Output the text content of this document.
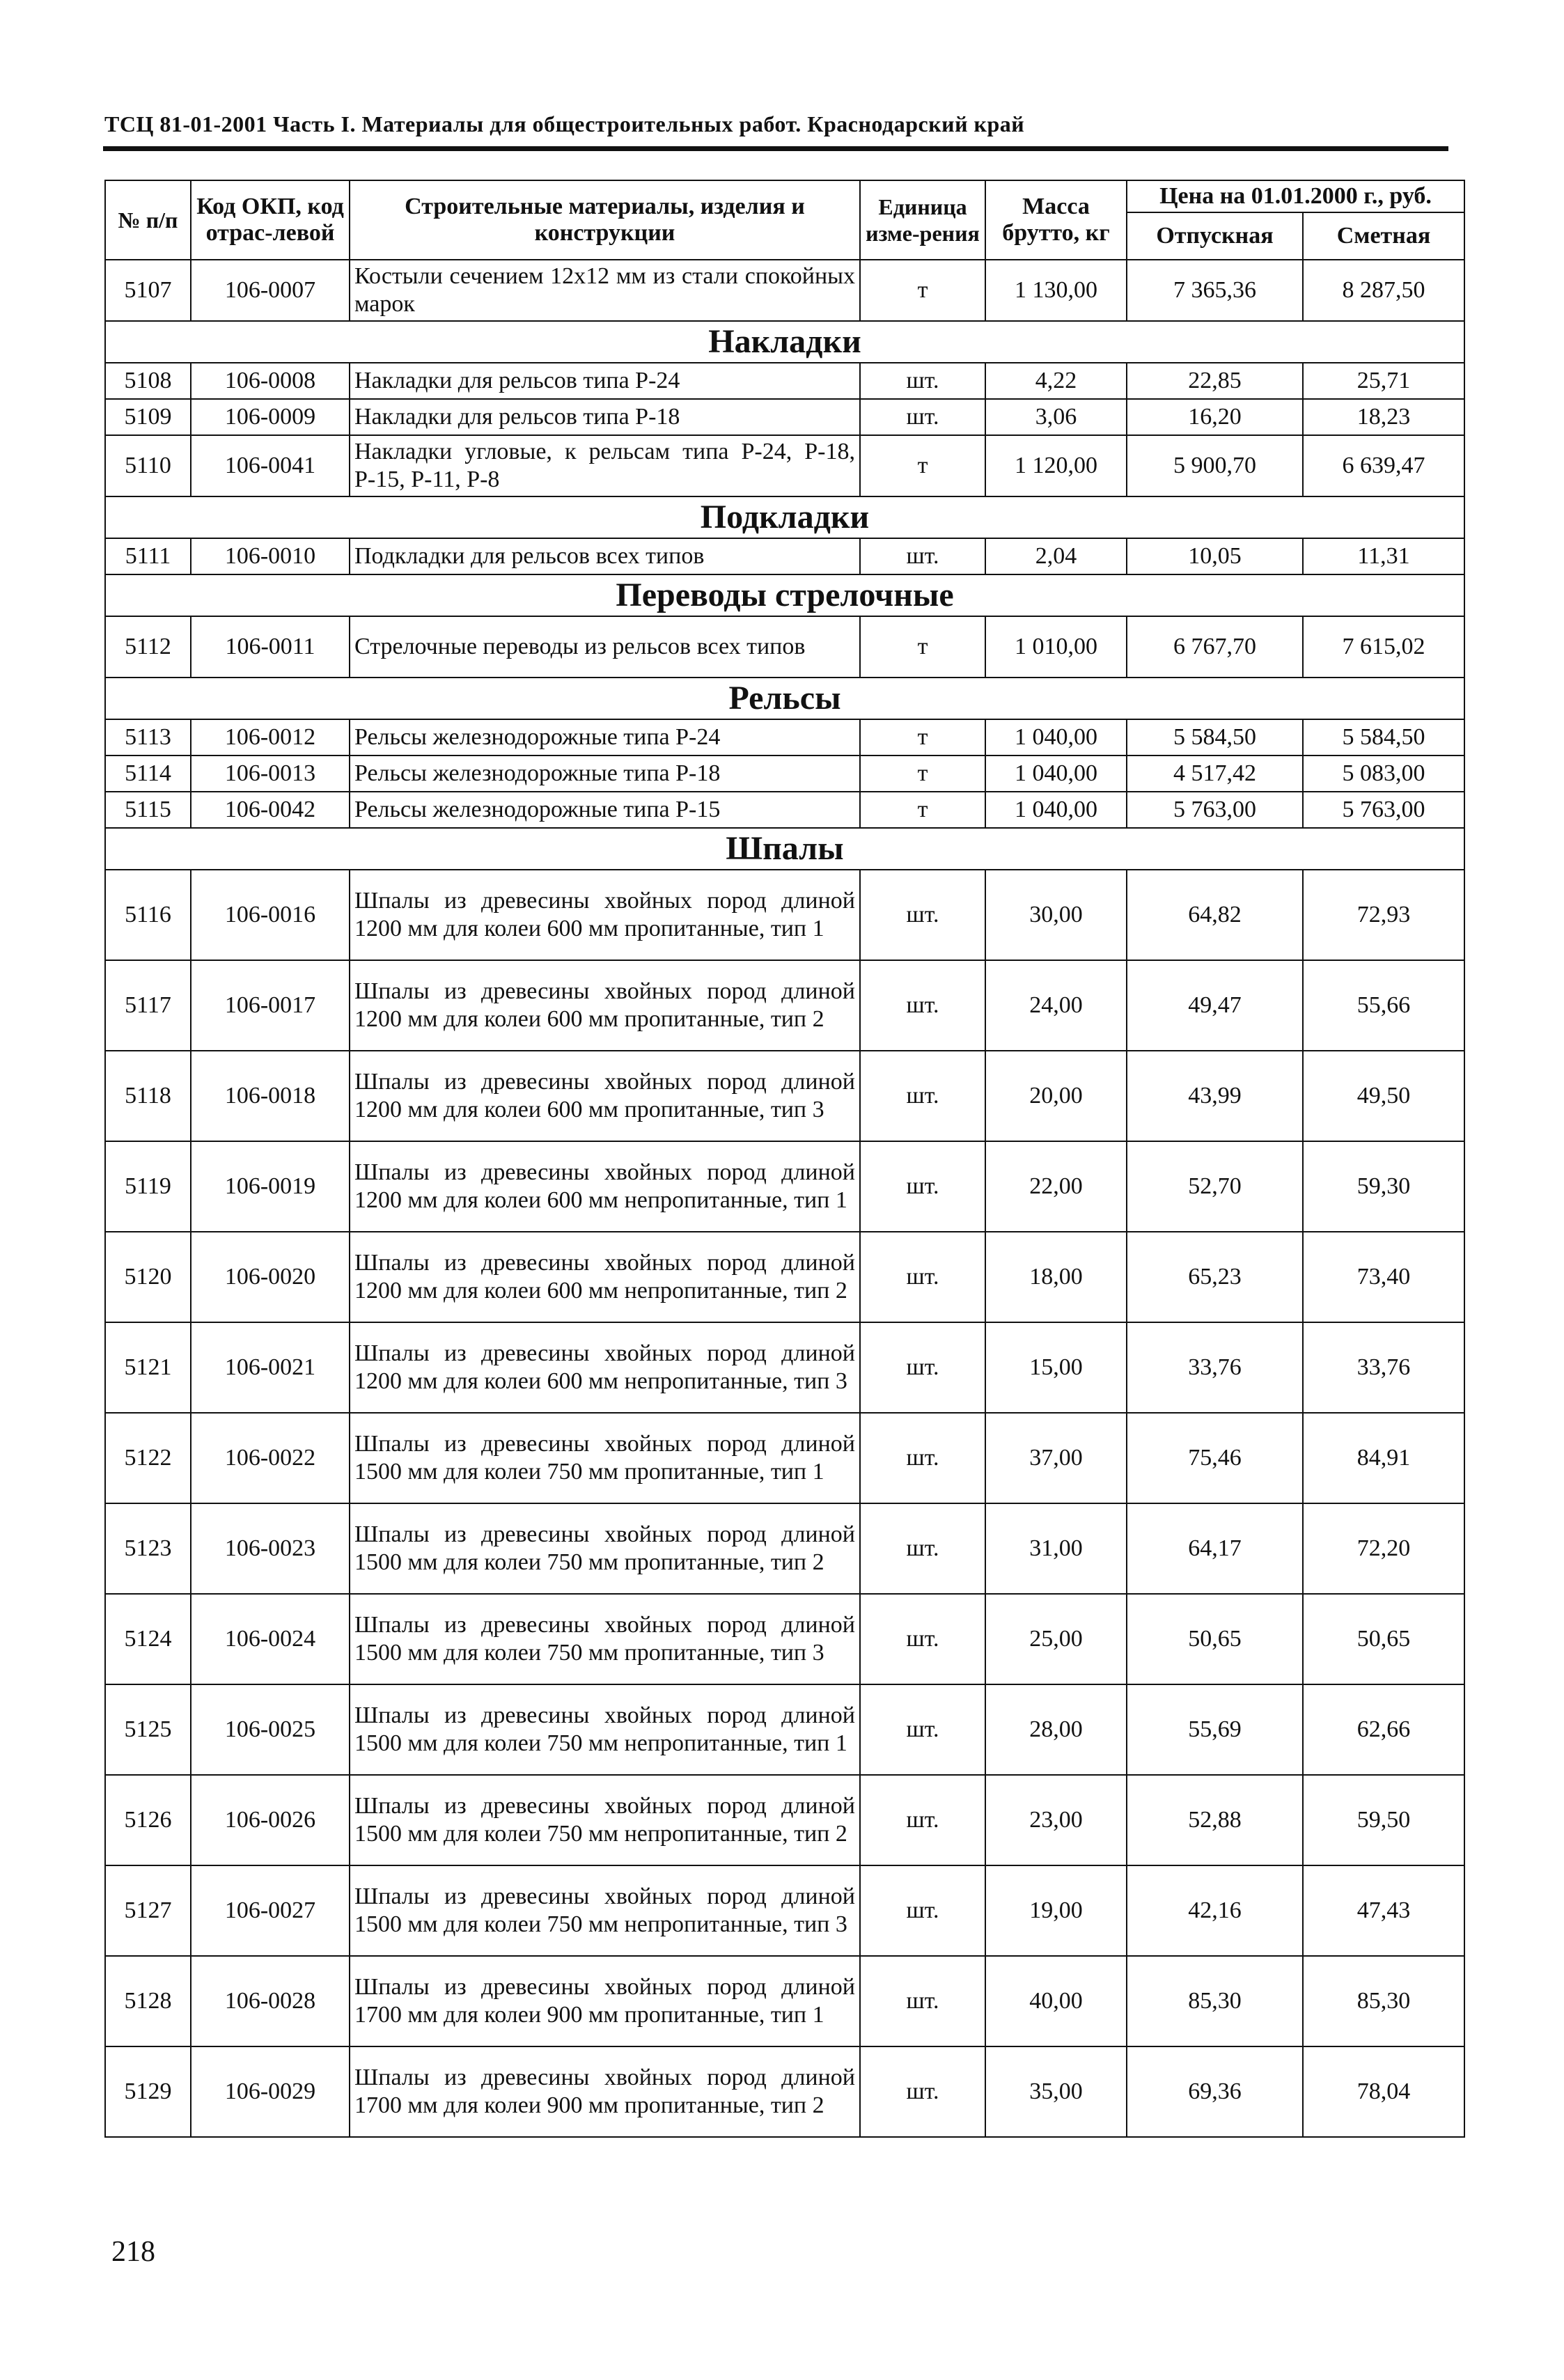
ТСЦ 81-01-2001 Часть I. Материалы для общестроительных работ. Краснодарский край
№ п/п	Код ОКП, код отрас-левой	Строительные материалы, изделия и конструкции	Единица изме-рения	Масса брутто, кг	Цена на 01.01.2000 г., руб.	
					Отпускная	Сметная
5107	106-0007	Костыли сечением 12х12 мм из стали спокойных марок	т	1 130,00	7 365,36	8 287,50
Накладки						
5108	106-0008	Накладки для рельсов типа Р-24	шт.	4,22	22,85	25,71
5109	106-0009	Накладки для рельсов типа Р-18	шт.	3,06	16,20	18,23
5110	106-0041	Накладки угловые, к рельсам типа Р-24, Р-18, Р-15, Р-11, Р-8	т	1 120,00	5 900,70	6 639,47
Подкладки						
5111	106-0010	Подкладки для рельсов всех типов	шт.	2,04	10,05	11,31
Переводы стрелочные						
5112	106-0011	Стрелочные переводы из рельсов всех типов	т	1 010,00	6 767,70	7 615,02
Рельсы						
5113	106-0012	Рельсы железнодорожные типа Р-24	т	1 040,00	5 584,50	5 584,50
5114	106-0013	Рельсы железнодорожные типа Р-18	т	1 040,00	4 517,42	5 083,00
5115	106-0042	Рельсы железнодорожные типа Р-15	т	1 040,00	5 763,00	5 763,00
Шпалы						
5116	106-0016	Шпалы из древесины хвойных пород длиной 1200 мм для колеи 600 мм пропитанные, тип 1	шт.	30,00	64,82	72,93
5117	106-0017	Шпалы из древесины хвойных пород длиной 1200 мм для колеи 600 мм пропитанные, тип 2	шт.	24,00	49,47	55,66
5118	106-0018	Шпалы из древесины хвойных пород длиной 1200 мм для колеи 600 мм пропитанные, тип 3	шт.	20,00	43,99	49,50
5119	106-0019	Шпалы из древесины хвойных пород длиной 1200 мм для колеи 600 мм непропитанные, тип 1	шт.	22,00	52,70	59,30
5120	106-0020	Шпалы из древесины хвойных пород длиной 1200 мм для колеи 600 мм непропитанные, тип 2	шт.	18,00	65,23	73,40
5121	106-0021	Шпалы из древесины хвойных пород длиной 1200 мм для колеи 600 мм непропитанные, тип 3	шт.	15,00	33,76	33,76
5122	106-0022	Шпалы из древесины хвойных пород длиной 1500 мм для колеи 750 мм пропитанные, тип 1	шт.	37,00	75,46	84,91
5123	106-0023	Шпалы из древесины хвойных пород длиной 1500 мм для колеи 750 мм пропитанные, тип 2	шт.	31,00	64,17	72,20
5124	106-0024	Шпалы из древесины хвойных пород длиной 1500 мм для колеи 750 мм пропитанные, тип 3	шт.	25,00	50,65	50,65
5125	106-0025	Шпалы из древесины хвойных пород длиной 1500 мм для колеи 750 мм непропитанные, тип 1	шт.	28,00	55,69	62,66
5126	106-0026	Шпалы из древесины хвойных пород длиной 1500 мм для колеи 750 мм непропитанные, тип 2	шт.	23,00	52,88	59,50
5127	106-0027	Шпалы из древесины хвойных пород длиной 1500 мм для колеи 750 мм непропитанные, тип 3	шт.	19,00	42,16	47,43
5128	106-0028	Шпалы из древесины хвойных пород длиной 1700 мм для колеи 900 мм пропитанные, тип 1	шт.	40,00	85,30	85,30
5129	106-0029	Шпалы из древесины хвойных пород длиной 1700 мм для колеи 900 мм пропитанные, тип 2	шт.	35,00	69,36	78,04
218
